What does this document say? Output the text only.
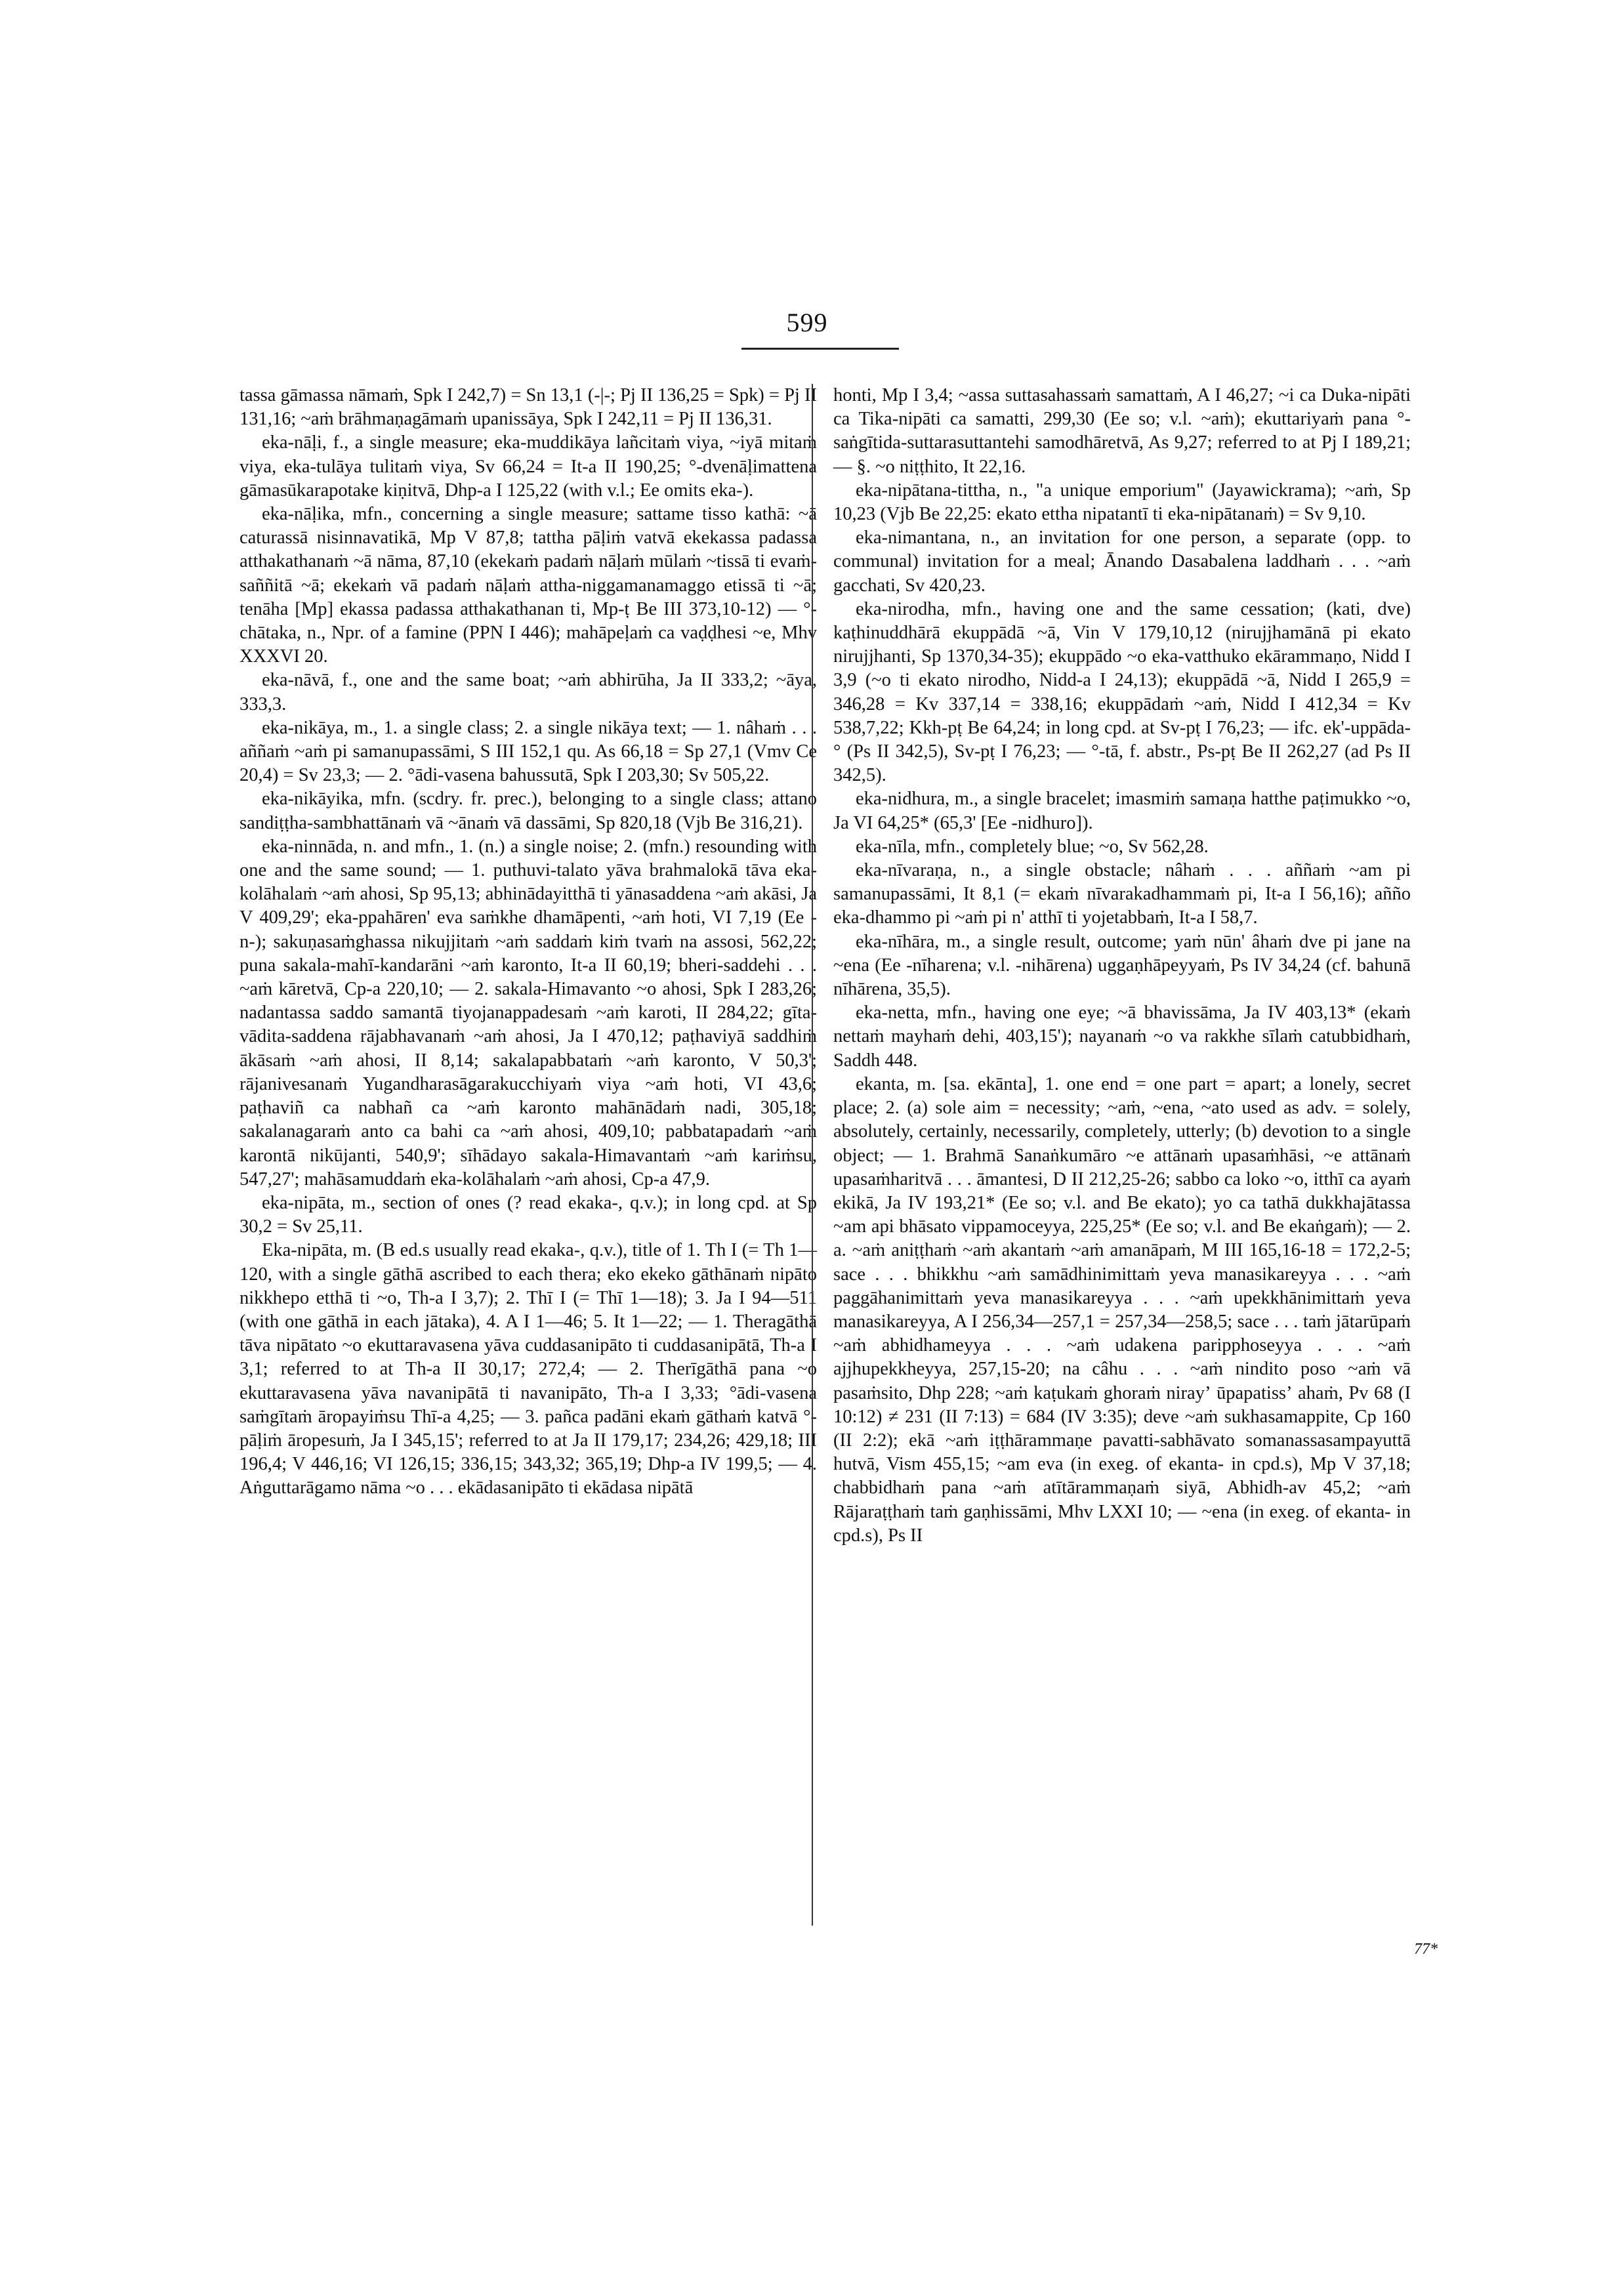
599

tassa gāmassa nāmaṁ, Spk I 242,7) = Sn 13,1 (-|-; Pj II 136,25 = Spk) = Pj II 131,16; ~aṁ brāhmaṇagāmaṁ upanissāya, Spk I 242,11 = Pj II 136,31.

eka-nāḷi, f., a single measure; eka-muddikāya lañcitaṁ viya, ~iyā mitaṁ viya, eka-tulāya tulitaṁ viya, Sv 66,24 = It-a II 190,25; °-dvenāḷimattena gāmasūkarapotake kiṇitvā, Dhp-a I 125,22 (with v.l.; Ee omits eka-).

eka-nāḷika, mfn., concerning a single measure; sattame tisso kathā: ~ā caturassā nisinnavatikā, Mp V 87,8; tattha pāḷiṁ vatvā ekekassa padassa atthakathanaṁ ~ā nāma, 87,10 (ekekaṁ padaṁ nāḷaṁ mūlaṁ ~tissā ti evaṁ-saññitā ~ā; ekekaṁ vā padaṁ nāḷaṁ attha-niggamanamaggo etissā ti ~ā; tenāha [Mp] ekassa padassa atthakathanan ti, Mp-ṭ Be III 373,10-12) — °-chātaka, n., Npr. of a famine (PPN I 446); mahāpeḷaṁ ca vaḍḍhesi ~e, Mhv XXXVI 20.

eka-nāvā, f., one and the same boat; ~aṁ abhirūha, Ja II 333,2; ~āya, 333,3.

eka-nikāya, m., 1. a single class; 2. a single nikāya text; — 1. nâhaṁ . . . aññaṁ ~aṁ pi samanupassāmi, S III 152,1 qu. As 66,18 = Sp 27,1 (Vmv Ce 20,4) = Sv 23,3; — 2. °ādi-vasena bahussutā, Spk I 203,30; Sv 505,22.

eka-nikāyika, mfn. (scdry. fr. prec.), belonging to a single class; attano sandiṭṭha-sambhattānaṁ vā ~ānaṁ vā dassāmi, Sp 820,18 (Vjb Be 316,21).

eka-ninnāda, n. and mfn., 1. (n.) a single noise; 2. (mfn.) resounding with one and the same sound; — 1. puthuvi-talato yāva brahmalokā tāva eka-kolāhalaṁ ~aṁ ahosi, Sp 95,13; abhinādayitthā ti yānasaddena ~aṁ akāsi, Ja V 409,29'; eka-ppahāren' eva saṁkhe dhamāpenti, ~aṁ hoti, VI 7,19 (Ee -n-); sakuṇasaṁghassa nikujjitaṁ ~aṁ saddaṁ kiṁ tvaṁ na assosi, 562,22; puna sakala-mahī-kandarāni ~aṁ karonto, It-a II 60,19; bheri-saddehi . . . ~aṁ kāretvā, Cp-a 220,10; — 2. sakala-Himavanto ~o ahosi, Spk I 283,26; nadantassa saddo samantā tiyojanappadesaṁ ~aṁ karoti, II 284,22; gīta-vādita-saddena rājabhavanaṁ ~aṁ ahosi, Ja I 470,12; paṭhaviyā saddhiṁ ākāsaṁ ~aṁ ahosi, II 8,14; sakalapabbataṁ ~aṁ karonto, V 50,3'; rājanivesanaṁ Yugandharasāgarakucchiyaṁ viya ~aṁ hoti, VI 43,6; paṭhaviñ ca nabhañ ca ~aṁ karonto mahānādaṁ nadi, 305,18; sakalanagaraṁ anto ca bahi ca ~aṁ ahosi, 409,10; pabbatapadaṁ ~aṁ karontā nikūjanti, 540,9'; sīhādayo sakala-Himavantaṁ ~aṁ kariṁsu, 547,27'; mahāsamuddaṁ eka-kolāhalaṁ ~aṁ ahosi, Cp-a 47,9.

eka-nipāta, m., section of ones (? read ekaka-, q.v.); in long cpd. at Sp 30,2 = Sv 25,11.

Eka-nipāta, m. (B ed.s usually read ekaka-, q.v.), title of 1. Th I (= Th 1—120, with a single gāthā ascribed to each thera; eko ekeko gāthānaṁ nipāto nikkhepo etthā ti ~o, Th-a I 3,7); 2. Thī I (= Thī 1—18); 3. Ja I 94—511 (with one gāthā in each jātaka), 4. A I 1—46; 5. It 1—22; — 1. Theragāthā tāva nipātato ~o ekuttaravasena yāva cuddasanipāto ti cuddasanipātā, Th-a I 3,1; referred to at Th-a II 30,17; 272,4; — 2. Therīgāthā pana ~o ekuttaravasena yāva navanipātā ti navanipāto, Th-a I 3,33; °ādi-vasena saṁgītaṁ āropayiṁsu Thī-a 4,25; — 3. pañca padāni ekaṁ gāthaṁ katvā °-pāḷiṁ āropesuṁ, Ja I 345,15'; referred to at Ja II 179,17; 234,26; 429,18; III 196,4; V 446,16; VI 126,15; 336,15; 343,32; 365,19; Dhp-a IV 199,5; — 4. Aṅguttarāgamo nāma ~o . . . ekādasanipāto ti ekādasa nipātā

honti, Mp I 3,4; ~assa suttasahassaṁ samattaṁ, A I 46,27; ~i ca Duka-nipāti ca Tika-nipāti ca samatti, 299,30 (Ee so; v.l. ~aṁ); ekuttariyaṁ pana °-saṅgītida-suttarasuttantehi samodhāretvā, As 9,27; referred to at Pj I 189,21; — §. ~o niṭṭhito, It 22,16.

eka-nipātana-tittha, n., "a unique emporium" (Jayawickrama); ~aṁ, Sp 10,23 (Vjb Be 22,25: ekato ettha nipatantī ti eka-nipātanaṁ) = Sv 9,10.

eka-nimantana, n., an invitation for one person, a separate (opp. to communal) invitation for a meal; Ānando Dasabalena laddhaṁ . . . ~aṁ gacchati, Sv 420,23.

eka-nirodha, mfn., having one and the same cessation; (kati, dve) kaṭhinuddhārā ekuppādā ~ā, Vin V 179,10,12 (nirujjhamānā pi ekato nirujjhanti, Sp 1370,34-35); ekuppādo ~o eka-vatthuko ekārammaṇo, Nidd I 3,9 (~o ti ekato nirodho, Nidd-a I 24,13); ekuppādā ~ā, Nidd I 265,9 = 346,28 = Kv 337,14 = 338,16; ekuppādaṁ ~aṁ, Nidd I 412,34 = Kv 538,7,22; Kkh-pṭ Be 64,24; in long cpd. at Sv-pṭ I 76,23; — ifc. ek'-uppāda-° (Ps II 342,5), Sv-pṭ I 76,23; — °-tā, f. abstr., Ps-pṭ Be II 262,27 (ad Ps II 342,5).

eka-nidhura, m., a single bracelet; imasmiṁ samaṇa hatthe paṭimukko ~o, Ja VI 64,25* (65,3' [Ee -nidhuro]).

eka-nīla, mfn., completely blue; ~o, Sv 562,28.

eka-nīvaraṇa, n., a single obstacle; nâhaṁ . . . aññaṁ ~am pi samanupassāmi, It 8,1 (= ekaṁ nīvarakadhammaṁ pi, It-a I 56,16); añño eka-dhammo pi ~aṁ pi n' atthī ti yojetabbaṁ, It-a I 58,7.

eka-nīhāra, m., a single result, outcome; yaṁ nūn' âhaṁ dve pi jane na ~ena (Ee -nīharena; v.l. -nihārena) uggaṇhāpeyyaṁ, Ps IV 34,24 (cf. bahunā nīhārena, 35,5).

eka-netta, mfn., having one eye; ~ā bhavissāma, Ja IV 403,13* (ekaṁ nettaṁ mayhaṁ dehi, 403,15'); nayanaṁ ~o va rakkhe sīlaṁ catubbidhaṁ, Saddh 448.

ekanta, m. [sa. ekānta], 1. one end = one part = apart; a lonely, secret place; 2. (a) sole aim = necessity; ~aṁ, ~ena, ~ato used as adv. = solely, absolutely, certainly, necessarily, completely, utterly; (b) devotion to a single object; — 1. Brahmā Sanaṅkumāro ~e attānaṁ upasaṁhāsi, ~e attānaṁ upasaṁharitvā . . . āmantesi, D II 212,25-26; sabbo ca loko ~o, itthī ca ayaṁ ekikā, Ja IV 193,21* (Ee so; v.l. and Be ekato); yo ca tathā dukkhajātassa ~am api bhāsato vippamoceyya, 225,25* (Ee so; v.l. and Be ekaṅgaṁ); — 2. a. ~aṁ aniṭṭhaṁ ~aṁ akantaṁ ~aṁ amanāpaṁ, M III 165,16-18 = 172,2-5; sace . . . bhikkhu ~aṁ samādhinimittaṁ yeva manasikareyya . . . ~aṁ paggāhanimittaṁ yeva manasikareyya . . . ~aṁ upekkhānimittaṁ yeva manasikareyya, A I 256,34—257,1 = 257,34—258,5; sace . . . taṁ jātarūpaṁ ~aṁ abhidhameyya . . . ~aṁ udakena paripphoseyya . . . ~aṁ ajjhupekkheyya, 257,15-20; na câhu . . . ~aṁ nindito poso ~aṁ vā pasaṁsito, Dhp 228; ~aṁ kaṭukaṁ ghoraṁ nirayʼ ūpapatissʼ ahaṁ, Pv 68 (I 10:12) ≠ 231 (II 7:13) = 684 (IV 3:35); deve ~aṁ sukhasamappite, Cp 160 (II 2:2); ekā ~aṁ iṭṭhārammaṇe pavatti-sabhāvato somanassasampayuttā hutvā, Vism 455,15; ~am eva (in exeg. of ekanta- in cpd.s), Mp V 37,18; chabbidhaṁ pana ~aṁ atītārammaṇaṁ siyā, Abhidh-av 45,2; ~aṁ Rājaraṭṭhaṁ taṁ gaṇhissāmi, Mhv LXXI 10; — ~ena (in exeg. of ekanta- in cpd.s), Ps II

77*
